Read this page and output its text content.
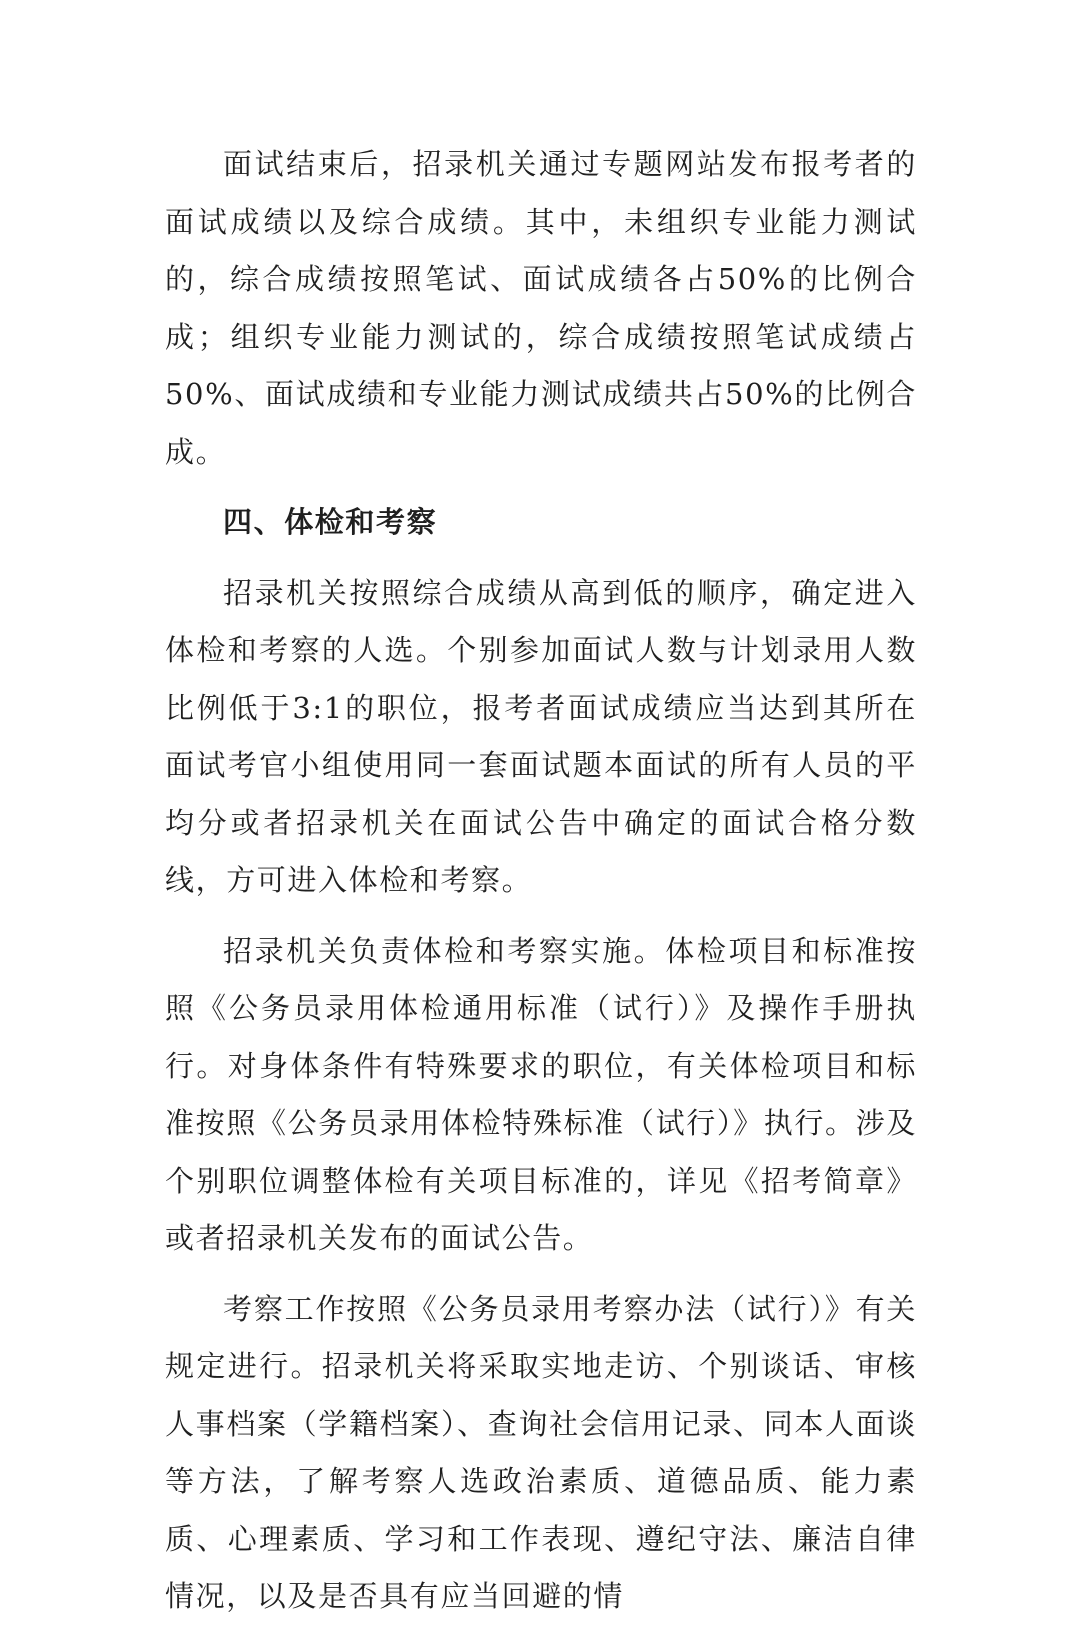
面试结束后，招录机关通过专题网站发布报考者的面试成绩以及综合成绩。其中，未组织专业能力测试的，综合成绩按照笔试、面试成绩各占50%的比例合成；组织专业能力测试的，综合成绩按照笔试成绩占50%、面试成绩和专业能力测试成绩共占50%的比例合成。

四、体检和考察

招录机关按照综合成绩从高到低的顺序，确定进入体检和考察的人选。个别参加面试人数与计划录用人数比例低于3:1的职位，报考者面试成绩应当达到其所在面试考官小组使用同一套面试题本面试的所有人员的平均分或者招录机关在面试公告中确定的面试合格分数线，方可进入体检和考察。

招录机关负责体检和考察实施。体检项目和标准按照《公务员录用体检通用标准（试行）》及操作手册执行。对身体条件有特殊要求的职位，有关体检项目和标准按照《公务员录用体检特殊标准（试行）》执行。涉及个别职位调整体检有关项目标准的，详见《招考简章》或者招录机关发布的面试公告。

考察工作按照《公务员录用考察办法（试行）》有关规定进行。招录机关将采取实地走访、个别谈话、审核人事档案（学籍档案）、查询社会信用记录、同本人面谈等方法，了解考察人选政治素质、道德品质、能力素质、心理素质、学习和工作表现、遵纪守法、廉洁自律情况，以及是否具有应当回避的情
